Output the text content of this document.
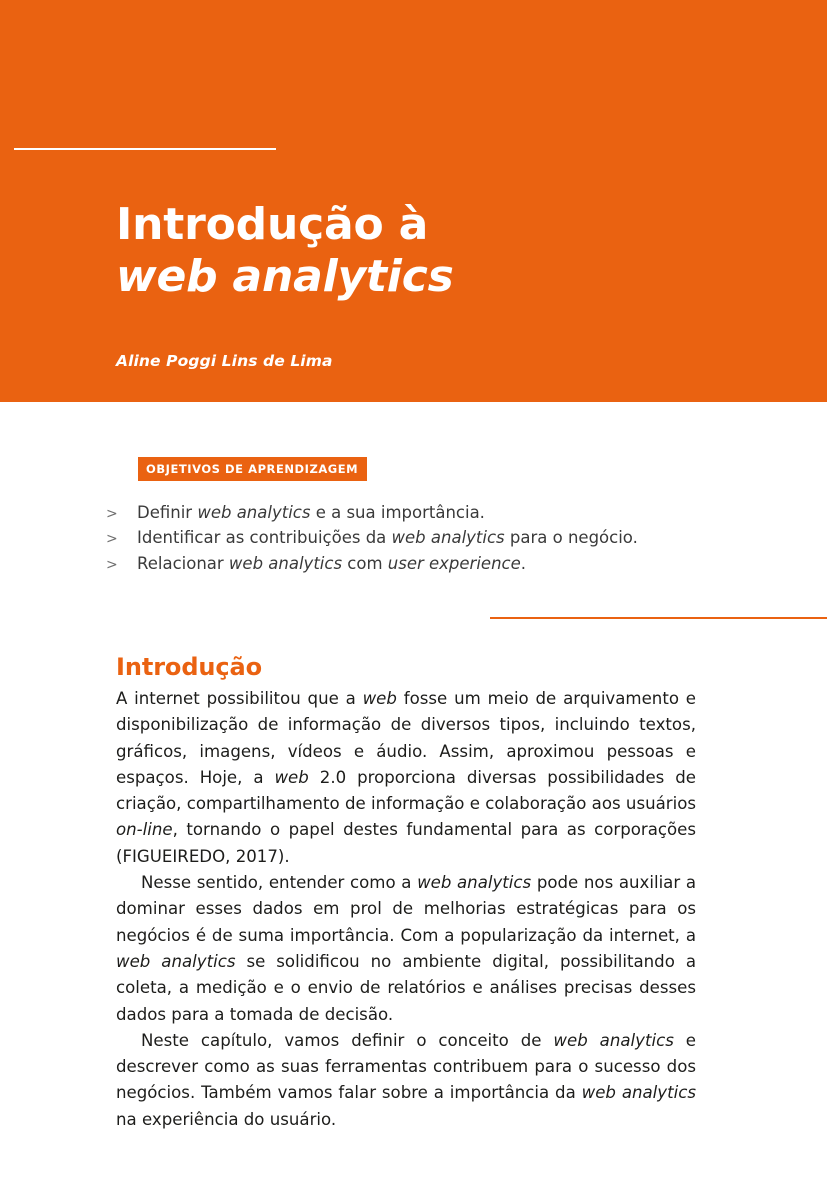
Introdução à
web analytics
Aline Poggi Lins de Lima
OBJETIVOS DE APRENDIZAGEM
>	Definir web analytics e a sua importância.
>	Identificar as contribuições da web analytics para o negócio.
>	Relacionar web analytics com user experience.
Introdução

A internet possibilitou que a web fosse um meio de arquivamento e disponibilização de informação de diversos tipos, incluindo textos, gráficos, imagens, vídeos e áudio. Assim, aproximou pessoas e espaços. Hoje, a web 2.0 proporciona diversas possibilidades de criação, compartilhamento de informação e colaboração aos usuários on-line, tornando o papel destes fundamental para as corporações (FIGUEIREDO, 2017).

Nesse sentido, entender como a web analytics pode nos auxiliar a dominar esses dados em prol de melhorias estratégicas para os negócios é de suma importância. Com a popularização da internet, a web analytics se solidificou no ambiente digital, possibilitando a coleta, a medição e o envio de relatórios e análises precisas desses dados para a tomada de decisão.

Neste capítulo, vamos definir o conceito de web analytics e descrever como as suas ferramentas contribuem para o sucesso dos negócios. Também vamos falar sobre a importância da web analytics na experiência do usuário.
